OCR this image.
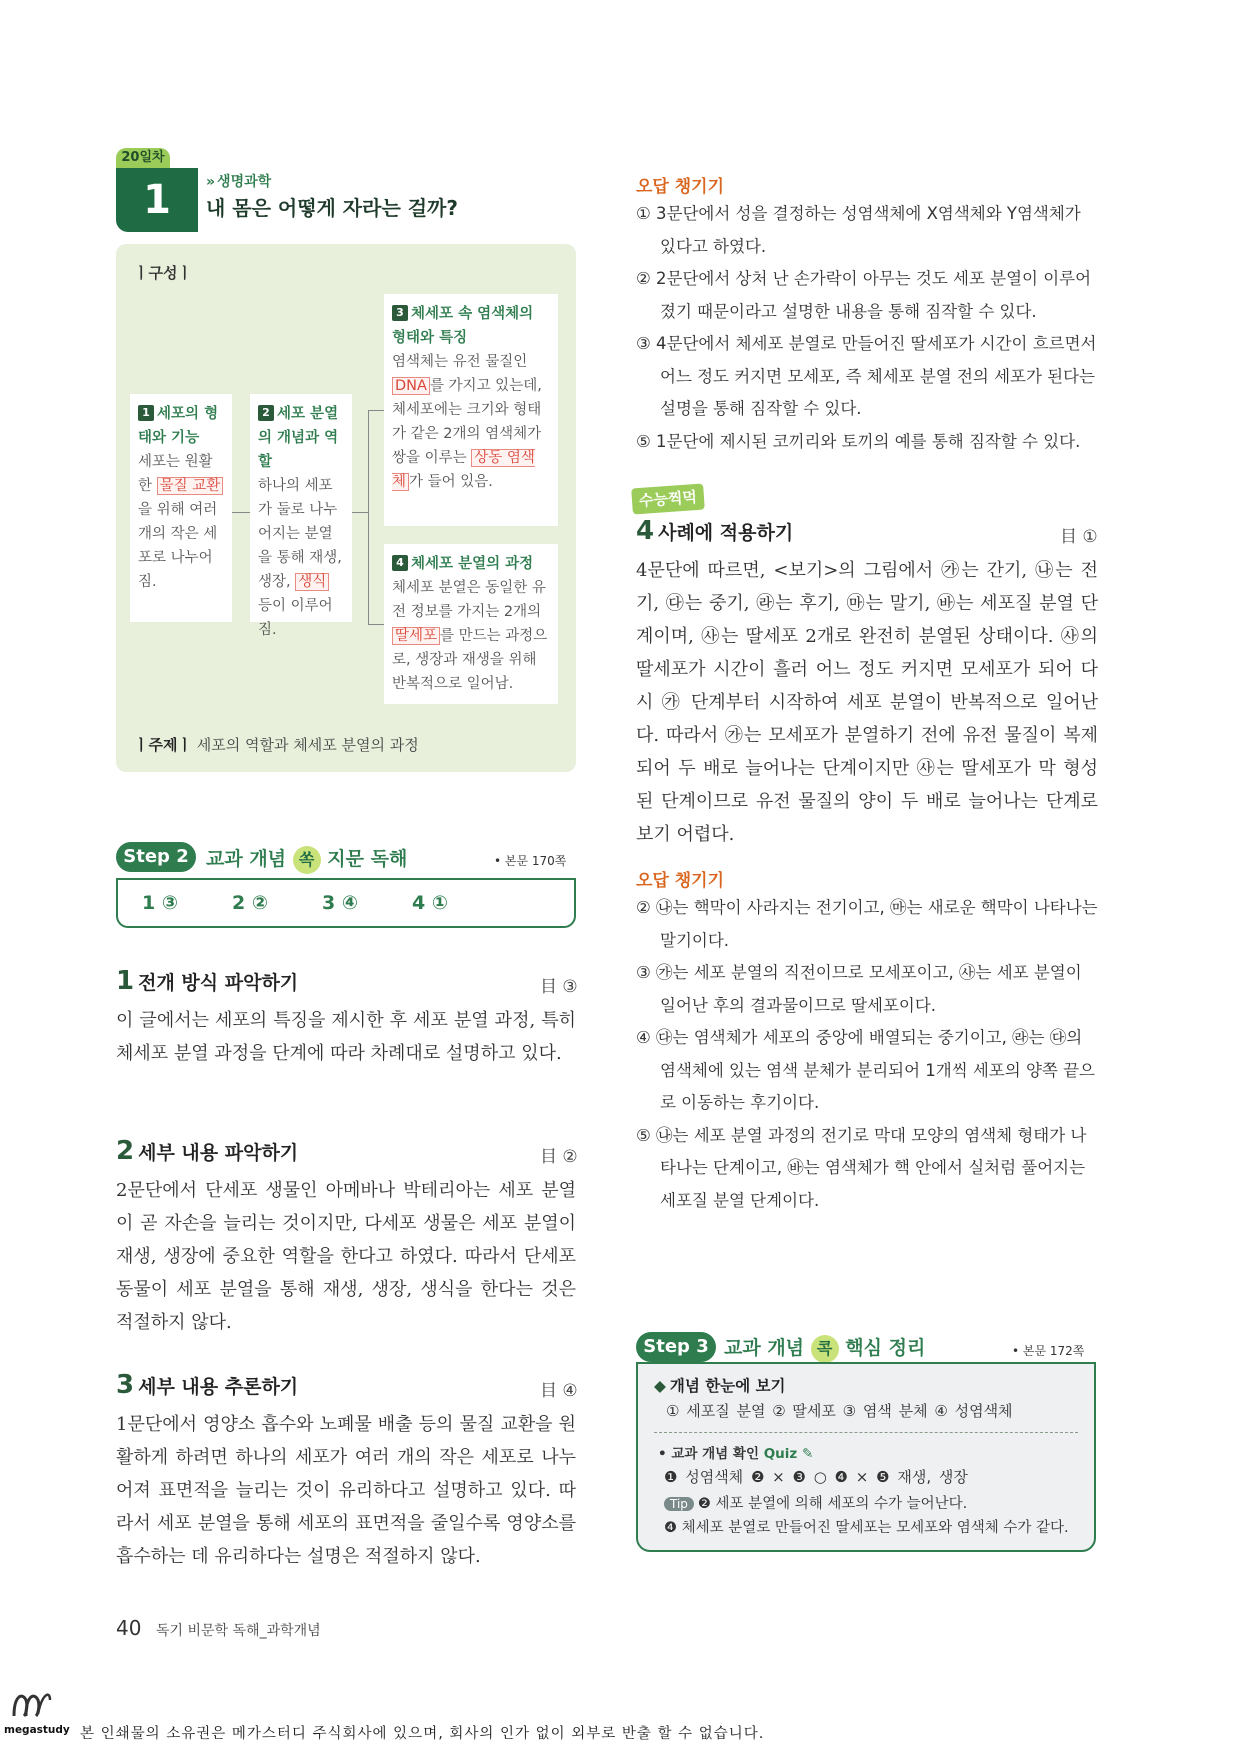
20일차
1	» 생명과학
내 몸은 어떻게 자라는 걸까?
ㅣ구성ㅣ
1 세포의 형태와 기능
세포는 원활한 물질 교환을 위해 여러 개의 작은 세포로 나누어짐.
2 세포 분열의 개념과 역할
하나의 세포가 둘로 나누어지는 분열을 통해 재생, 생장, 생식 등이 이루어짐.
3 체세포 속 염색체의 형태와 특징
염색체는 유전 물질인 DNA 를 가지고 있는데, 체세포에는 크기와 형태가 같은 2개의 염색체가 쌍을 이루는 상동 염색체 가 들어 있음.
4 체세포 분열의 과정
체세포 분열은 동일한 유전 정보를 가지는 2개의 딸세포 를 만드는 과정으로, 생장과 재생을 위해 반복적으로 일어남.
ㅣ주제ㅣ 세포의 역할과 체세포 분열의 과정
Step 2 교과 개념 쏙 지문 독해	• 본문 170쪽
1 ③	2 ②	3 ④	4 ①
1 전개 방식 파악하기	目 ③
이 글에서는 세포의 특징을 제시한 후 세포 분열 과정, 특히 체세포 분열 과정을 단계에 따라 차례대로 설명하고 있다.
2 세부 내용 파악하기	目 ②
2문단에서 단세포 생물인 아메바나 박테리아는 세포 분열이 곧 자손을 늘리는 것이지만, 다세포 생물은 세포 분열이 재생, 생장에 중요한 역할을 한다고 하였다. 따라서 단세포 동물이 세포 분열을 통해 재생, 생장, 생식을 한다는 것은 적절하지 않다.
3 세부 내용 추론하기	目 ④
1문단에서 영양소 흡수와 노폐물 배출 등의 물질 교환을 원활하게 하려면 하나의 세포가 여러 개의 작은 세포로 나누어져 표면적을 늘리는 것이 유리하다고 설명하고 있다. 따라서 세포 분열을 통해 세포의 표면적을 줄일수록 영양소를 흡수하는 데 유리하다는 설명은 적절하지 않다.
오답 챙기기
① 3문단에서 성을 결정하는 성염색체에 X염색체와 Y염색체가 있다고 하였다.
② 2문단에서 상처 난 손가락이 아무는 것도 세포 분열이 이루어졌기 때문이라고 설명한 내용을 통해 짐작할 수 있다.
③ 4문단에서 체세포 분열로 만들어진 딸세포가 시간이 흐르면서 어느 정도 커지면 모세포, 즉 체세포 분열 전의 세포가 된다는 설명을 통해 짐작할 수 있다.
⑤ 1문단에 제시된 코끼리와 토끼의 예를 통해 짐작할 수 있다.
수능찍먹
4 사례에 적용하기	目 ①
4문단에 따르면, <보기>의 그림에서 ㉮는 간기, ㉯는 전기, ㉰는 중기, ㉱는 후기, ㉲는 말기, ㉳는 세포질 분열 단계이며, ㉴는 딸세포 2개로 완전히 분열된 상태이다. ㉴의 딸세포가 시간이 흘러 어느 정도 커지면 모세포가 되어 다시 ㉮ 단계부터 시작하여 세포 분열이 반복적으로 일어난다. 따라서 ㉮는 모세포가 분열하기 전에 유전 물질이 복제되어 두 배로 늘어나는 단계이지만 ㉴는 딸세포가 막 형성된 단계이므로 유전 물질의 양이 두 배로 늘어나는 단계로 보기 어렵다.
오답 챙기기
② ㉯는 핵막이 사라지는 전기이고, ㉲는 새로운 핵막이 나타나는 말기이다.
③ ㉮는 세포 분열의 직전이므로 모세포이고, ㉴는 세포 분열이 일어난 후의 결과물이므로 딸세포이다.
④ ㉰는 염색체가 세포의 중앙에 배열되는 중기이고, ㉱는 ㉰의 염색체에 있는 염색 분체가 분리되어 1개씩 세포의 양쪽 끝으로 이동하는 후기이다.
⑤ ㉯는 세포 분열 과정의 전기로 막대 모양의 염색체 형태가 나타나는 단계이고, ㉳는 염색체가 핵 안에서 실처럼 풀어지는 세포질 분열 단계이다.
Step 3 교과 개념 콕 핵심 정리	• 본문 172쪽
◆ 개념 한눈에 보기
① 세포질 분열 ② 딸세포 ③ 염색 분체 ④ 성염색체
• 교과 개념 확인 Quiz ✎
❶ 성염색체 ❷ × ❸ ○ ❹ × ❺ 재생, 생장
Tip ❷ 세포 분열에 의해 세포의 수가 늘어난다.
❹ 체세포 분열로 만들어진 딸세포는 모세포와 염색체 수가 같다.
40 독기 비문학 독해_과학개념
megastudy 본 인쇄물의 소유권은 메가스터디 주식회사에 있으며, 회사의 인가 없이 외부로 반출 할 수 없습니다.
